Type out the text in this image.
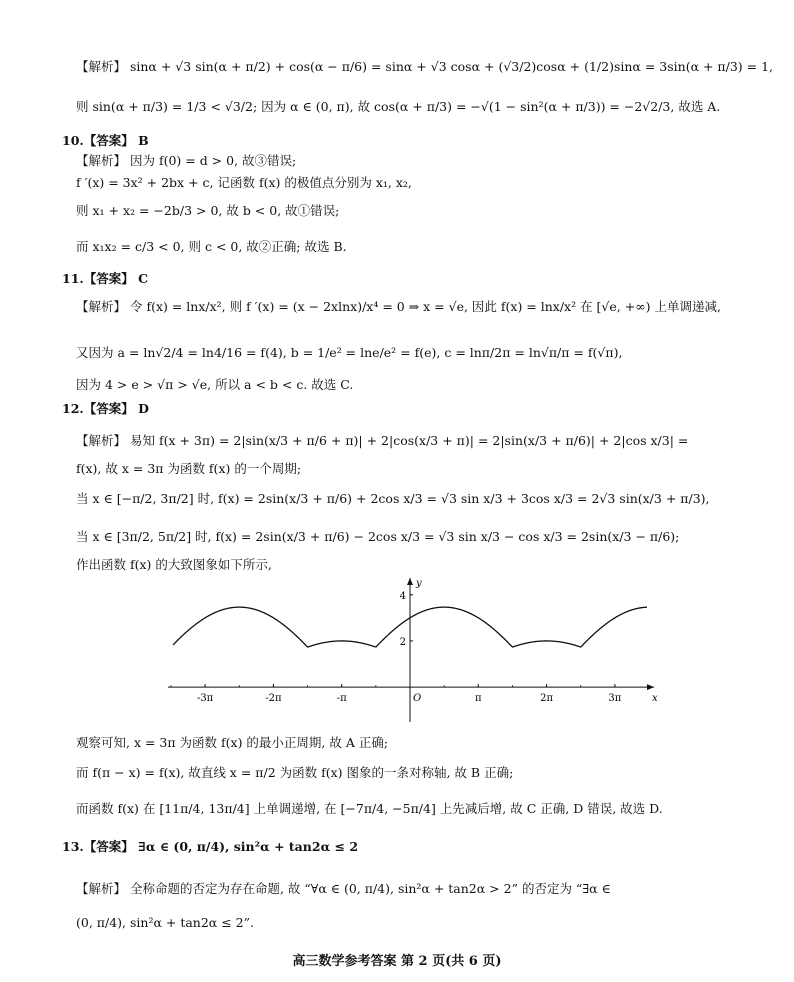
【解析】 sinα + √3 sin(α + π/2) + cos(α − π/6) = sinα + √3 cosα + (√3/2)cosα + (1/2)sinα = 3sin(α + π/3) = 1,
则 sin(α + π/3) = 1/3 < √3/2; 因为 α ∈ (0, π), 故 cos(α + π/3) = −√(1 − sin²(α + π/3)) = −2√2/3, 故选 A.
10.【答案】 B
【解析】 因为 f(0) = d > 0, 故③错误;
f ′(x) = 3x² + 2bx + c, 记函数 f(x) 的极值点分别为 x₁, x₂,
则 x₁ + x₂ = −2b/3 > 0, 故 b < 0, 故①错误;
而 x₁x₂ = c/3 < 0, 则 c < 0, 故②正确; 故选 B.
11.【答案】 C
【解析】 令 f(x) = lnx/x², 则 f ′(x) = (x − 2xlnx)/x⁴ = 0 ⇒ x = √e, 因此 f(x) = lnx/x² 在 [√e, +∞) 上单调递减,
又因为 a = ln√2/4 = ln4/16 = f(4), b = 1/e² = lne/e² = f(e), c = lnπ/2π = ln√π/π = f(√π),
因为 4 > e > √π > √e, 所以 a < b < c. 故选 C.
12.【答案】 D
【解析】 易知 f(x + 3π) = 2|sin(x/3 + π/6 + π)| + 2|cos(x/3 + π)| = 2|sin(x/3 + π/6)| + 2|cos x/3| =
f(x), 故 x = 3π 为函数 f(x) 的一个周期;
当 x ∈ [−π/2, 3π/2] 时, f(x) = 2sin(x/3 + π/6) + 2cos x/3 = √3 sin x/3 + 3cos x/3 = 2√3 sin(x/3 + π/3),
当 x ∈ [3π/2, 5π/2] 时, f(x) = 2sin(x/3 + π/6) − 2cos x/3 = √3 sin x/3 − cos x/3 = 2sin(x/3 − π/6);
作出函数 f(x) 的大致图象如下所示,
观察可知, x = 3π 为函数 f(x) 的最小正周期, 故 A 正确;
而 f(π − x) = f(x), 故直线 x = π/2 为函数 f(x) 图象的一条对称轴, 故 B 正确;
而函数 f(x) 在 [11π/4, 13π/4] 上单调递增, 在 [−7π/4, −5π/4] 上先减后增, 故 C 正确, D 错误, 故选 D.
13.【答案】 ∃α ∈ (0, π/4), sin²α + tan2α ≤ 2
【解析】 全称命题的否定为存在命题, 故 “∀α ∈ (0, π/4), sin²α + tan2α > 2” 的否定为 “∃α ∈
(0, π/4), sin²α + tan2α ≤ 2”.
-3π	-2π	-π	π	2π	3π
2
4
x
y
O
高三数学参考答案 第 2 页(共 6 页)
